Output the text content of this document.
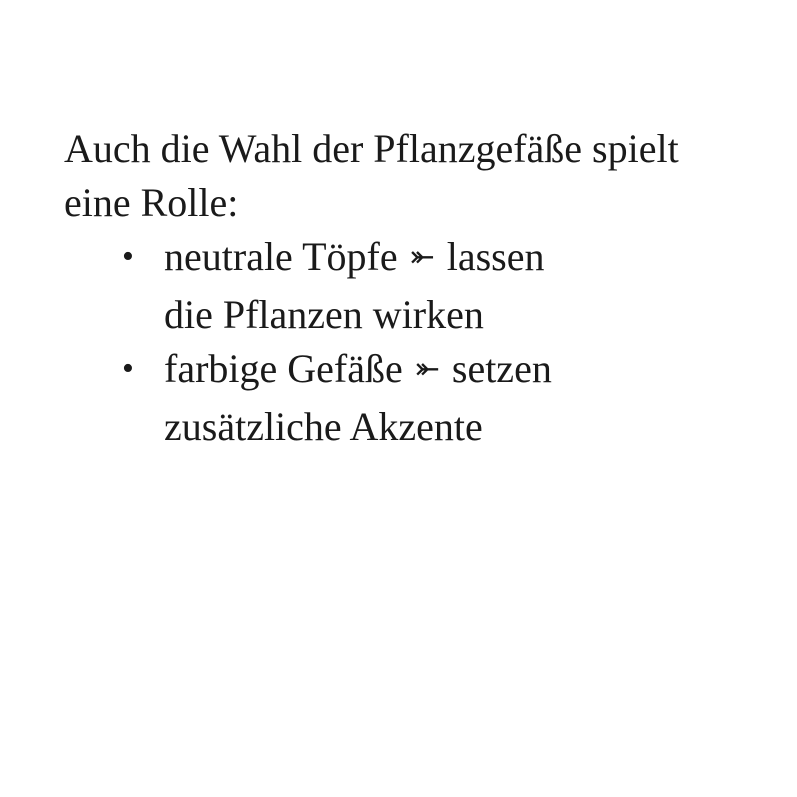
Auch die Wahl der Pflanzgefäße spielt eine Rolle:

• neutrale Töpfe ⤜ lassen die Pflanzen wirken
• farbige Gefäße ⤜ setzen zusätzliche Akzente
